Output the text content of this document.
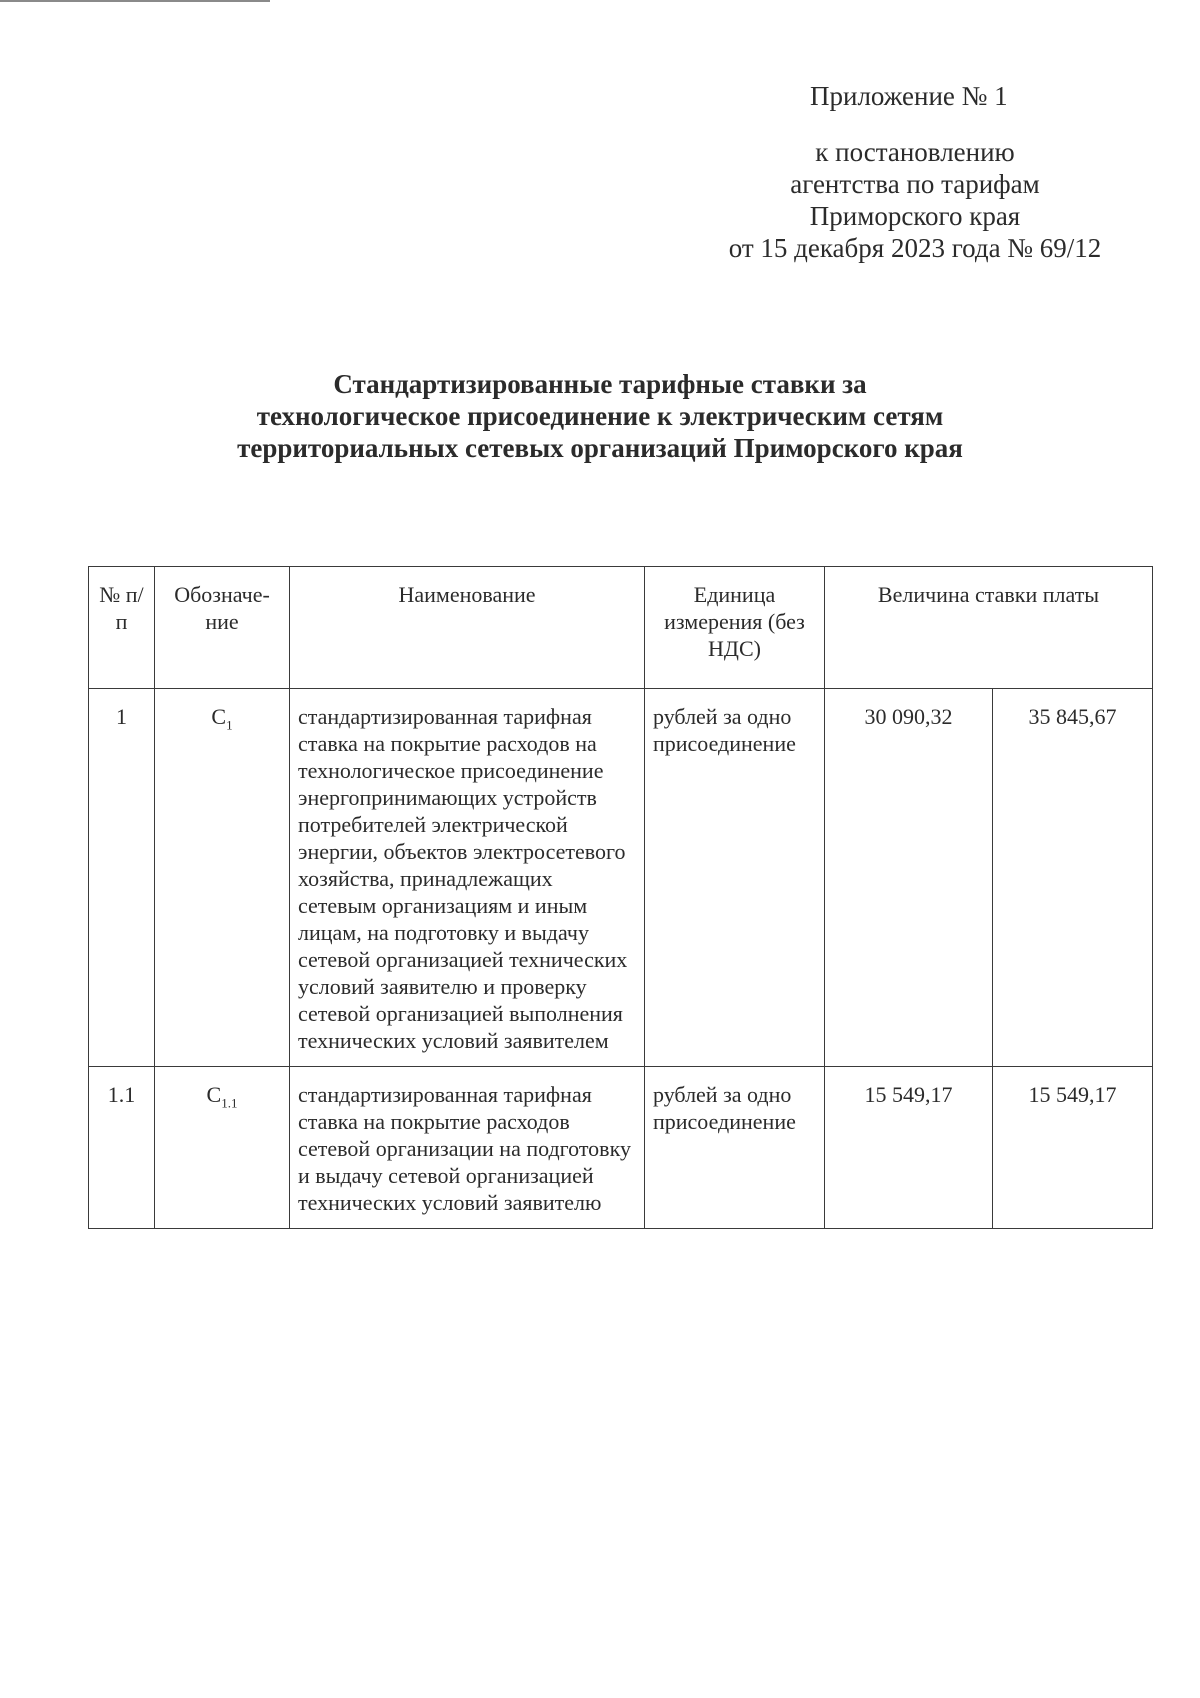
Приложение № 1
к постановлению
агентства по тарифам
Приморского края
от 15 декабря 2023 года № 69/12
Стандартизированные тарифные ставки за
технологическое присоединение к электрическим сетям
территориальных сетевых организаций Приморского края
№ п/п	Обозначе-ние	Наименование	Единица измерения (без НДС)	Величина ставки платы	
1	$С_1$	стандартизированная тарифная ставка на покрытие расходов на технологическое присоединение энергопринимающих устройств потребителей электрической энергии, объектов электросетевого хозяйства, принадлежащих сетевым организациям и иным лицам, на подготовку и выдачу сетевой организацией технических условий заявителю и проверку сетевой организацией выполнения технических условий заявителем	рублей за одно присоединение	30 090,32	35 845,67
1.1	$С_{1.1}$	стандартизированная тарифная ставка на покрытие расходов сетевой организации на подготовку и выдачу сетевой организацией технических условий заявителю	рублей за одно присоединение	15 549,17	15 549,17
